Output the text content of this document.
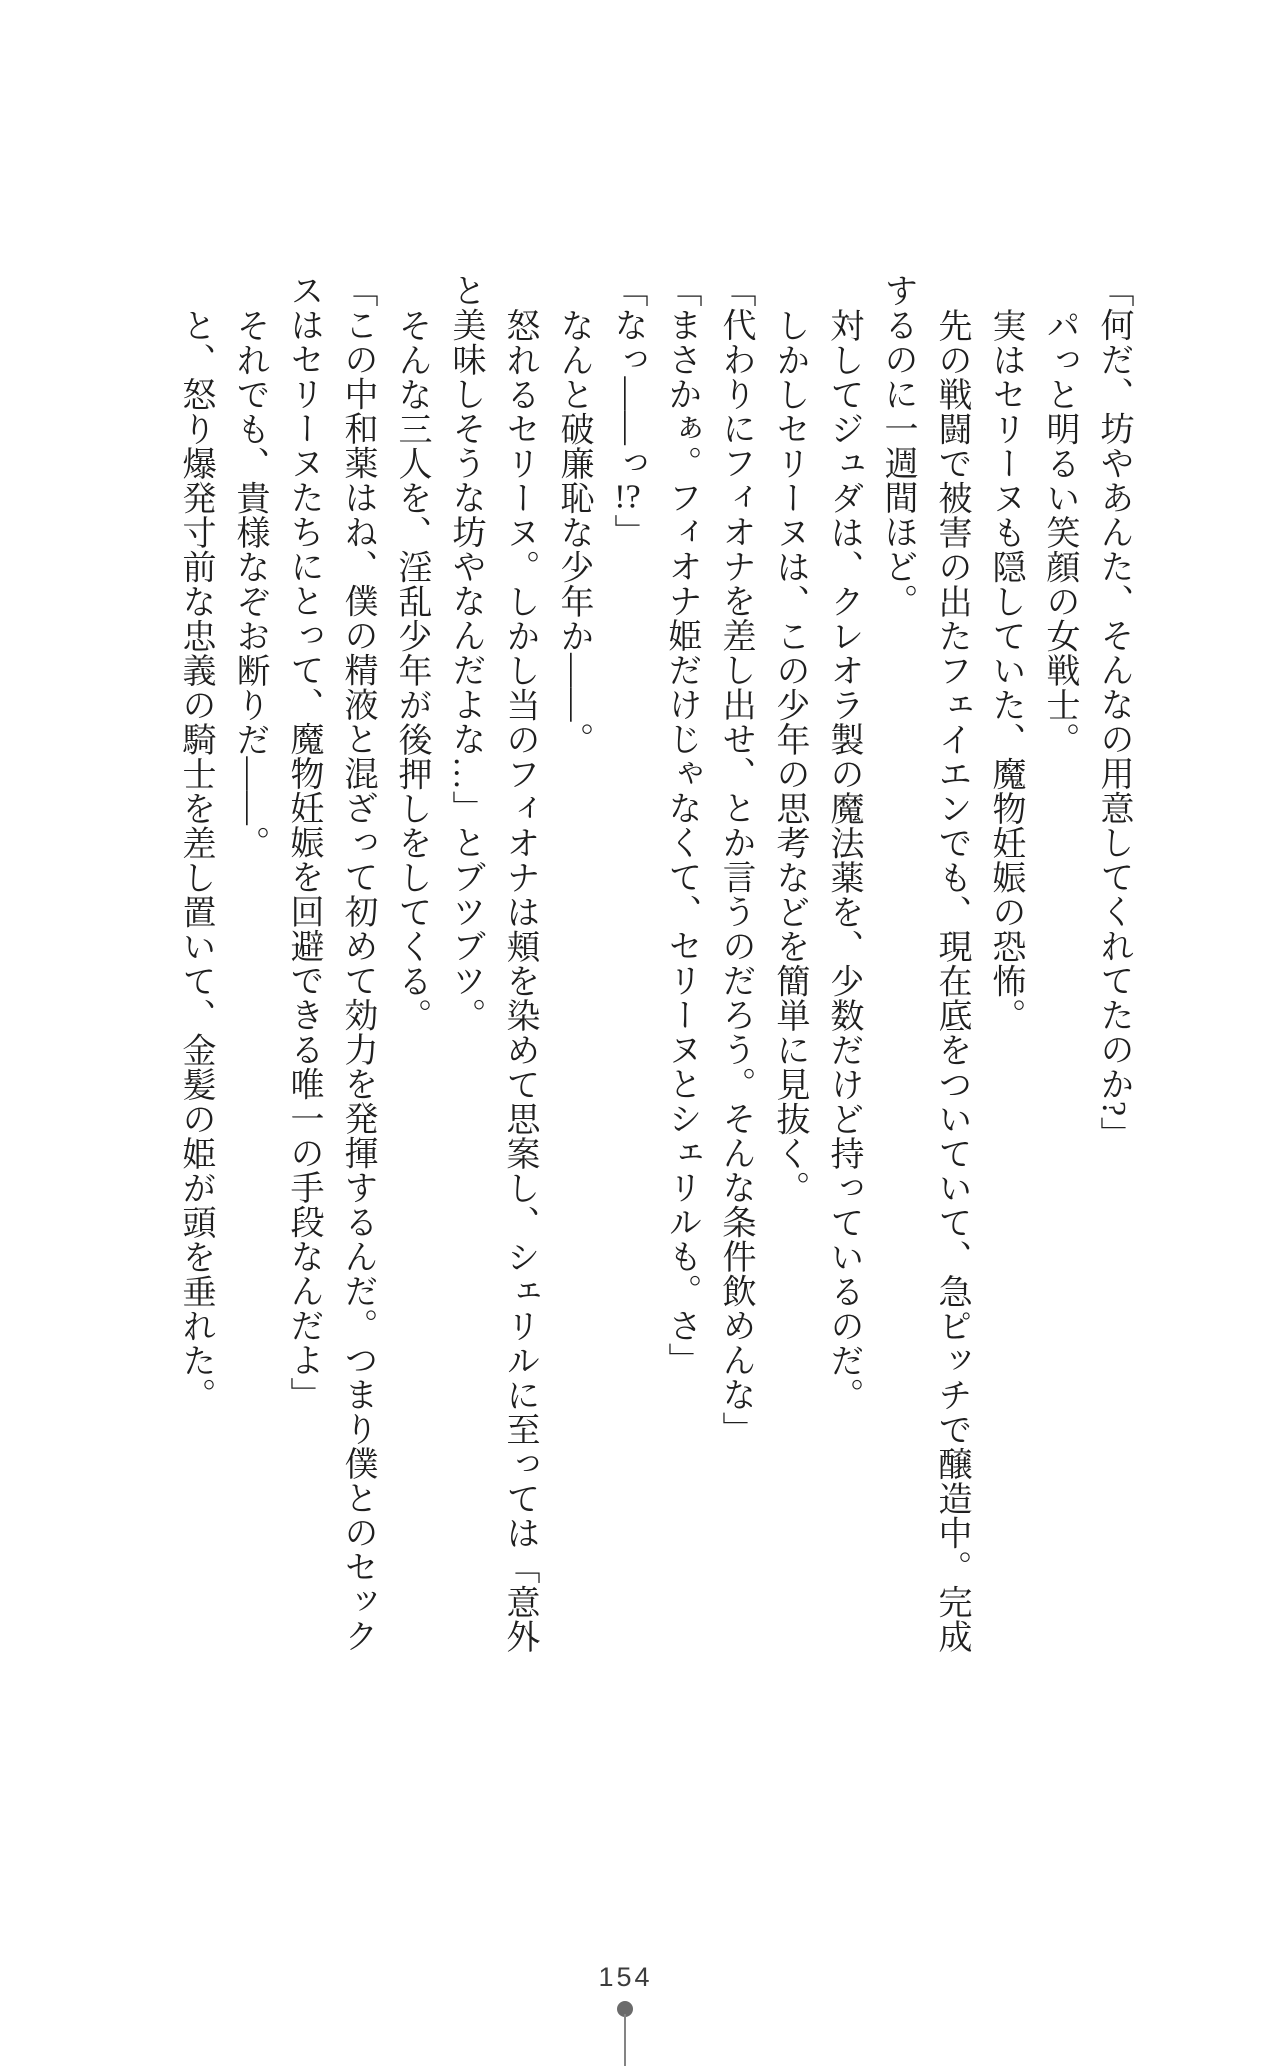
「何だ、坊やあんた、そんなの用意してくれてたのか?」

パっと明るい笑顔の女戦士。

実はセリーヌも隠していた、魔物妊娠の恐怖。

先の戦闘で被害の出たフェイエンでも、現在底をついていて、急ピッチで醸造中。完成

するのに一週間ほど。

対してジュダは、クレオラ製の魔法薬を、少数だけど持っているのだ。

しかしセリーヌは、この少年の思考などを簡単に見抜く。

「代わりにフィオナを差し出せ、とか言うのだろう。そんな条件飲めんな」

「まさかぁ。フィオナ姫だけじゃなくて、セリーヌとシェリルも。さ」

「なっ――っ!?」

なんと破廉恥な少年か――。

怒れるセリーヌ。しかし当のフィオナは頬を染めて思案し、シェリルに至っては「意外

と美味しそうな坊やなんだよな…」とブツブツ。

そんな三人を、淫乱少年が後押しをしてくる。

「この中和薬はね、僕の精液と混ざって初めて効力を発揮するんだ。つまり僕とのセック

スはセリーヌたちにとって、魔物妊娠を回避できる唯一の手段なんだよ」

それでも、貴様なぞお断りだ――。

と、怒り爆発寸前な忠義の騎士を差し置いて、金髪の姫が頭を垂れた。

154
